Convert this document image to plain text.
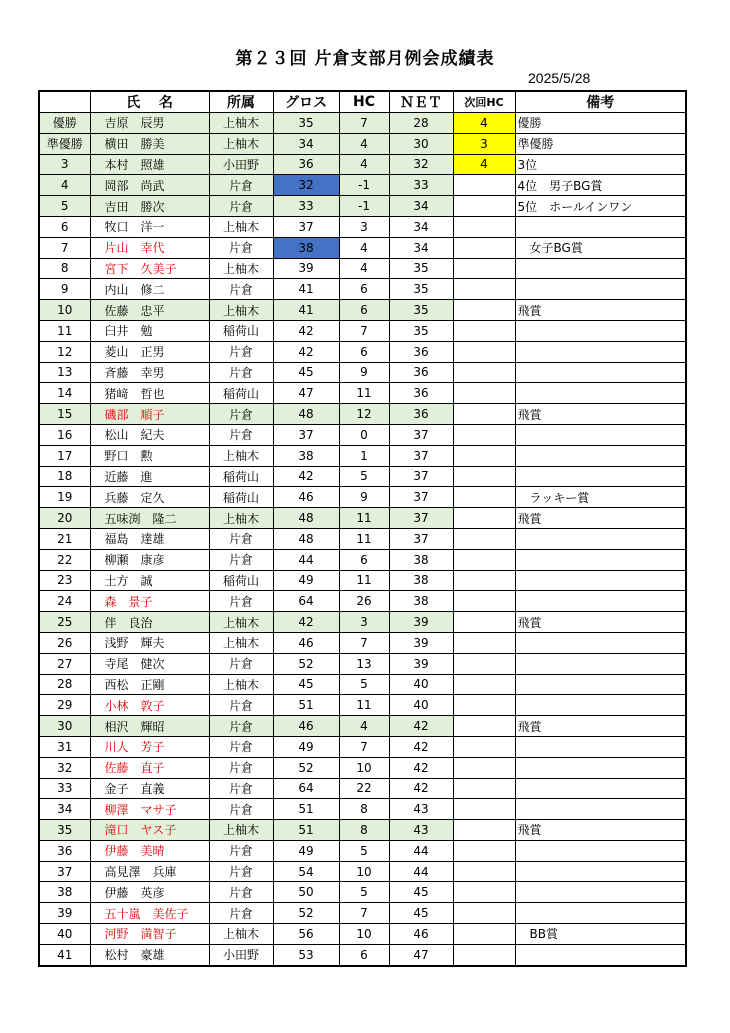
第２３回 片倉支部月例会成績表
2025/5/28
	氏　 名	所属	グロス	HC	ＮＥＴ	次回HC	備考
優勝	吉原　辰男	上柚木	35	7	28	4	優勝
準優勝	横田　勝美	上柚木	34	4	30	3	準優勝
3	本村　照雄	小田野	36	4	32	4	3位
4	岡部　尚武	片倉	32	-1	33		4位　男子BG賞
5	吉田　勝次	片倉	33	-1	34		5位　ホールインワン
6	牧口　洋一	上柚木	37	3	34		
7	片山　幸代	片倉	38	4	34		　女子BG賞
8	宮下　久美子	上柚木	39	4	35		
9	内山　修二	片倉	41	6	35		
10	佐藤　忠平	上柚木	41	6	35		飛賞
11	臼井　勉	稲荷山	42	7	35		
12	菱山　正男	片倉	42	6	36		
13	斉藤　幸男	片倉	45	9	36		
14	猪﨑　哲也	稲荷山	47	11	36		
15	磯部　順子	片倉	48	12	36		飛賞
16	松山　紀夫	片倉	37	0	37		
17	野口　勲	上柚木	38	1	37		
18	近藤　進	稲荷山	42	5	37		
19	兵藤　定久	稲荷山	46	9	37		　ラッキー賞
20	五味渕　隆二	上柚木	48	11	37		飛賞
21	福島　達雄	片倉	48	11	37		
22	柳瀬　康彦	片倉	44	6	38		
23	土方　誠	稲荷山	49	11	38		
24	森　景子	片倉	64	26	38		
25	伴　良治	上柚木	42	3	39		飛賞
26	浅野　輝夫	上柚木	46	7	39		
27	寺尾　健次	片倉	52	13	39		
28	西松　正剛	上柚木	45	5	40		
29	小林　敦子	片倉	51	11	40		
30	相沢　輝昭	片倉	46	4	42		飛賞
31	川人　芳子	片倉	49	7	42		
32	佐藤　直子	片倉	52	10	42		
33	金子　直義	片倉	64	22	42		
34	柳澤　マサ子	片倉	51	8	43		
35	滝口　ヤス子	上柚木	51	8	43		飛賞
36	伊藤　美晴	片倉	49	5	44		
37	高見澤　兵庫	片倉	54	10	44		
38	伊藤　英彦	片倉	50	5	45		
39	五十嵐　美佐子	片倉	52	7	45		
40	河野　満智子	上柚木	56	10	46		　BB賞
41	松村　豪雄	小田野	53	6	47		
